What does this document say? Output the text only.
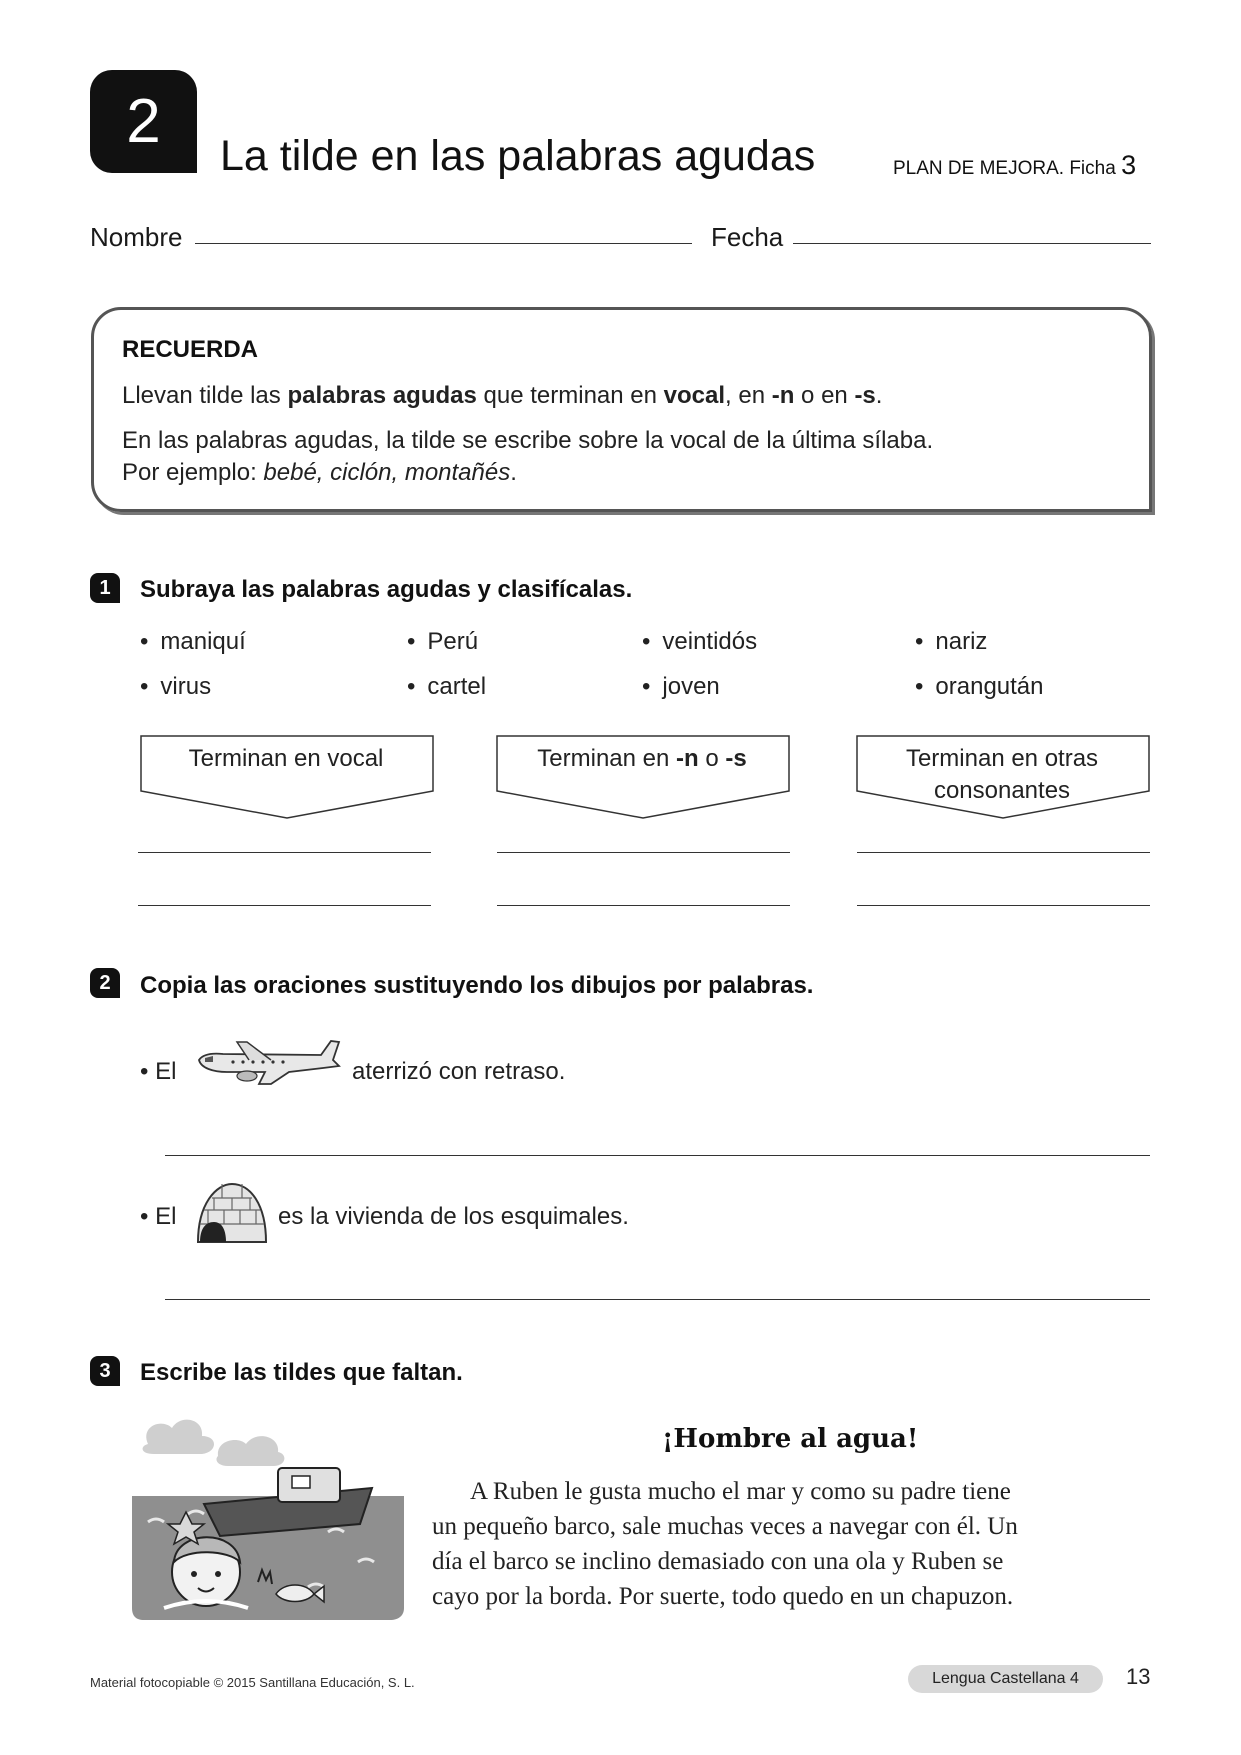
2 La tilde en las palabras agudas	PLAN DE MEJORA. Ficha 3
Nombre	Fecha
RECUERDA
Llevan tilde las palabras agudas que terminan en vocal, en -n o en -s.
En las palabras agudas, la tilde se escribe sobre la vocal de la última sílaba.
Por ejemplo: bebé, ciclón, montañés.
1 Subraya las palabras agudas y clasifícalas.
• maniquí	• Perú	• veintidós	• nariz
• virus	• cartel	• joven	• orangután
Terminan en vocal	Terminan en -n o -s	Terminan en otras
consonantes
2 Copia las oraciones sustituyendo los dibujos por palabras.
• El	aterrizó con retraso.
• El	es la vivienda de los esquimales.
3 Escribe las tildes que faltan.
¡Hombre al agua!
A Ruben le gusta mucho el mar y como su padre tiene
un pequeño barco, sale muchas veces a navegar con él. Un
día el barco se inclino demasiado con una ola y Ruben se
cayo por la borda. Por suerte, todo quedo en un chapuzon.
Material fotocopiable © 2015 Santillana Educación, S. L.	Lengua Castellana 4 13
